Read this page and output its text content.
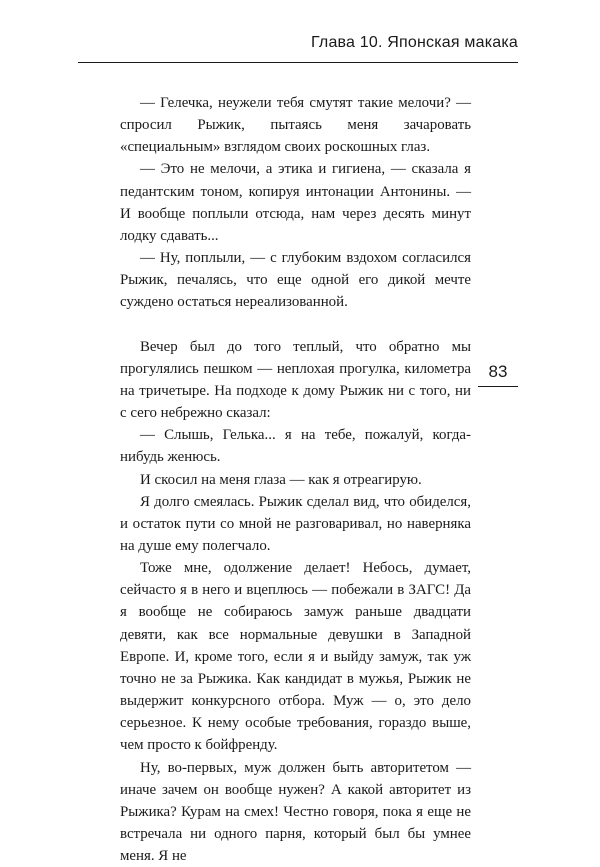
Глава 10. Японская макака
83

— Гелечка, неужели тебя смутят такие мелочи? — спросил Рыжик, пытаясь меня зачаровать «специальным» взглядом своих роскошных глаз.

— Это не мелочи, а этика и гигиена, — сказала я педантским тоном, копируя интонации Антонины. — И вообще поплыли отсюда, нам через десять минут лодку сдавать...

— Ну, поплыли, — с глубоким вздохом согласился Рыжик, печалясь, что еще одной его дикой мечте суждено остаться нереализованной.

Вечер был до того теплый, что обратно мы прогулялись пешком — неплохая прогулка, километра на тричетыре. На подходе к дому Рыжик ни с того, ни с сего небрежно сказал:

— Слышь, Гелька... я на тебе, пожалуй, когда-нибудь женюсь.

И скосил на меня глаза — как я отреагирую.

Я долго смеялась. Рыжик сделал вид, что обиделся, и остаток пути со мной не разговаривал, но наверняка на душе ему полегчало.

Тоже мне, одолжение делает! Небось, думает, сейчасто я в него и вцеплюсь — побежали в ЗАГС! Да я вообще не собираюсь замуж раньше двадцати девяти, как все нормальные девушки в Западной Европе. И, кроме того, если я и выйду замуж, так уж точно не за Рыжика. Как кандидат в мужья, Рыжик не выдержит конкурсного отбора. Муж — о, это дело серьезное. К нему особые требования, гораздо выше, чем просто к бойфренду.

Ну, во-первых, муж должен быть авторитетом — иначе зачем он вообще нужен? А какой авторитет из Рыжика? Курам на смех! Честно говоря, пока я еще не встречала ни одного парня, который был бы умнее меня. Я не
